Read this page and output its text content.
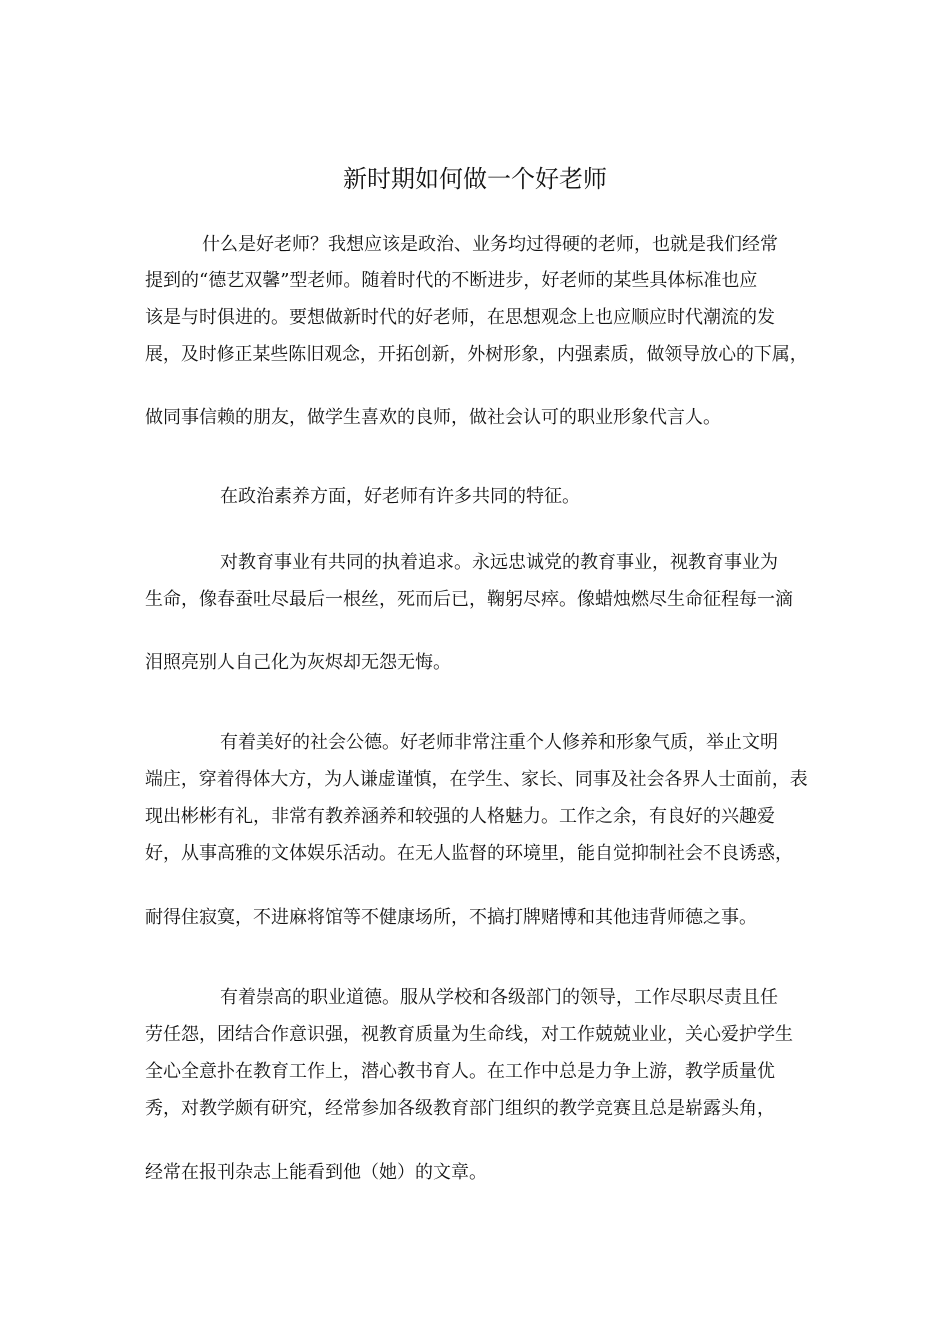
新时期如何做一个好老师
什么是好老师？我想应该是政治、业务均过得硬的老师，也就是我们经常
提到的“德艺双馨”型老师。随着时代的不断进步，好老师的某些具体标准也应
该是与时俱进的。要想做新时代的好老师，在思想观念上也应顺应时代潮流的发
展，及时修正某些陈旧观念，开拓创新，外树形象，内强素质，做领导放心的下属，
做同事信赖的朋友，做学生喜欢的良师，做社会认可的职业形象代言人。
在政治素养方面，好老师有许多共同的特征。
对教育事业有共同的执着追求。永远忠诚党的教育事业，视教育事业为
生命，像春蚕吐尽最后一根丝，死而后已，鞠躬尽瘁。像蜡烛燃尽生命征程每一滴
泪照亮别人自己化为灰烬却无怨无悔。
有着美好的社会公德。好老师非常注重个人修养和形象气质，举止文明
端庄，穿着得体大方，为人谦虚谨慎，在学生、家长、同事及社会各界人士面前，表
现出彬彬有礼，非常有教养涵养和较强的人格魅力。工作之余，有良好的兴趣爱
好，从事高雅的文体娱乐活动。在无人监督的环境里，能自觉抑制社会不良诱惑，
耐得住寂寞，不进麻将馆等不健康场所，不搞打牌赌博和其他违背师德之事。
有着崇高的职业道德。服从学校和各级部门的领导，工作尽职尽责且任
劳任怨，团结合作意识强，视教育质量为生命线，对工作兢兢业业，关心爱护学生
全心全意扑在教育工作上，潜心教书育人。在工作中总是力争上游，教学质量优
秀，对教学颇有研究，经常参加各级教育部门组织的教学竞赛且总是崭露头角，
经常在报刊杂志上能看到他（她）的文章。
